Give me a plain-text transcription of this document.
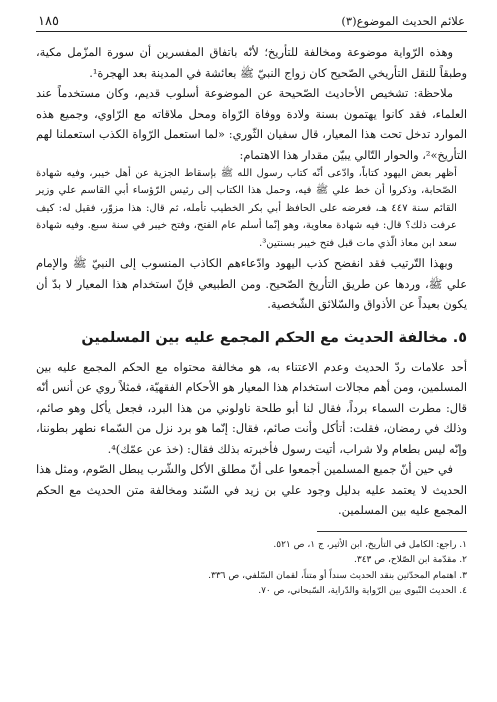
علائم الحديث الموضوع(٣)
١٨٥

وهذه الرّواية موضوعة ومخالفة للتأريخ؛ لأنّه باتفاق المفسرين أن سورة المزّمل مكية، وطبقاً للنقل التأريخي الصّحيح كان زواج النبيّ ﷺ بعائشة في المدينة بعد الهجرة¹.

ملاحظة: تشخيص الأحاديث الصّحيحة عن الموضوعة أسلوب قديم، وكان مستخدماً عند العلماء، فقد كانوا يهتمون بسنة ولادة ووفاة الرّواة ومحل ملاقاته مع الرّاوي، وجميع هذه الموارد تدخل تحت هذا المعيار، قال سفيان الثّوري: «لما استعمل الرّواة الكذب استعملنا لهم التأريخ»²، والحوار التّالي يبيّن مقدار هذا الاهتمام:

أظهر بعض اليهود كتاباً، وادّعى أنّه كتاب رسول الله ﷺ بإسقاط الجزية عن أهل خيبر، وفيه شهادة الصّحابة، وذكروا أن خط علي ﷺ فيه، وحمل هذا الكتاب إلى رئيس الرّؤساء أبي القاسم علي وزير القائم سنة ٤٤٧ هـ، فعرضه على الحافظ أبي بكر الخطيب تأمله، ثم قال: هذا مزوّر، فقيل له: كيف عرفت ذلك؟ قال: فيه شهادة معاوية، وهو إنّما أسلم عام الفتح، وفتح خيبر في سنة سبع. وفيه شهادة سعد ابن معاذ الّذي مات قبل فتح خيبر بسنتين³.

وبهذا التّرتيب فقد انفضح كذب اليهود وادّعاءهم الكاذب المنسوب إلى النبيّ ﷺ والإمام علي ﷺ، وردها عن طريق التأريخ الصّحيح. ومن الطبيعي فإنّ استخدام هذا المعيار لا بدّ أن يكون بعيداً عن الأذواق والسّلائق الشّخصية.

٥. مخالفة الحديث مع الحكم المجمع عليه بين المسلمين

أحد علامات ردّ الحديث وعدم الاعتناء به، هو مخالفة محتواه مع الحكم المجمع عليه بين المسلمين، ومن أهم مجالات استخدام هذا المعيار هو الأحكام الفقهيّة، فمثلاً روي عن أنس أنّه قال: مطرت السماء برداً، فقال لنا أبو طلحة ناولوني من هذا البرد، فجعل يأكل وهو صائم، وذلك في رمضان، فقلت: أتأكل وأنت صائم، فقال: إنّما هو برد نزل من السّماء نطهر بطوننا، وإنّه ليس بطعام ولا شراب، أتيت رسول فأخبرته بذلك فقال: (خذ عن عمّك)⁴.

في حين أنّ جميع المسلمين أجمعوا على أنّ مطلق الأكل والشّرب يبطل الصّوم، ومثل هذا الحديث لا يعتمد عليه بدليل وجود علي بن زيد في السّند ومخالفة متن الحديث مع الحكم المجمع عليه بين المسلمين.

١. راجع: الكامل في التأريخ، ابن الأثير، ج ١، ص ٥٢١.
٢. مقدّمة ابن الصّلاح، ص ٣٤٣.
٣. اهتمام المحدّثين بنقد الحديث سنداً أو متناً، لقمان السّلفي، ص ٣٣٦.
٤. الحديث النّبوي بين الرّواية والدّراية، السّبحاني، ص ٧٠.
